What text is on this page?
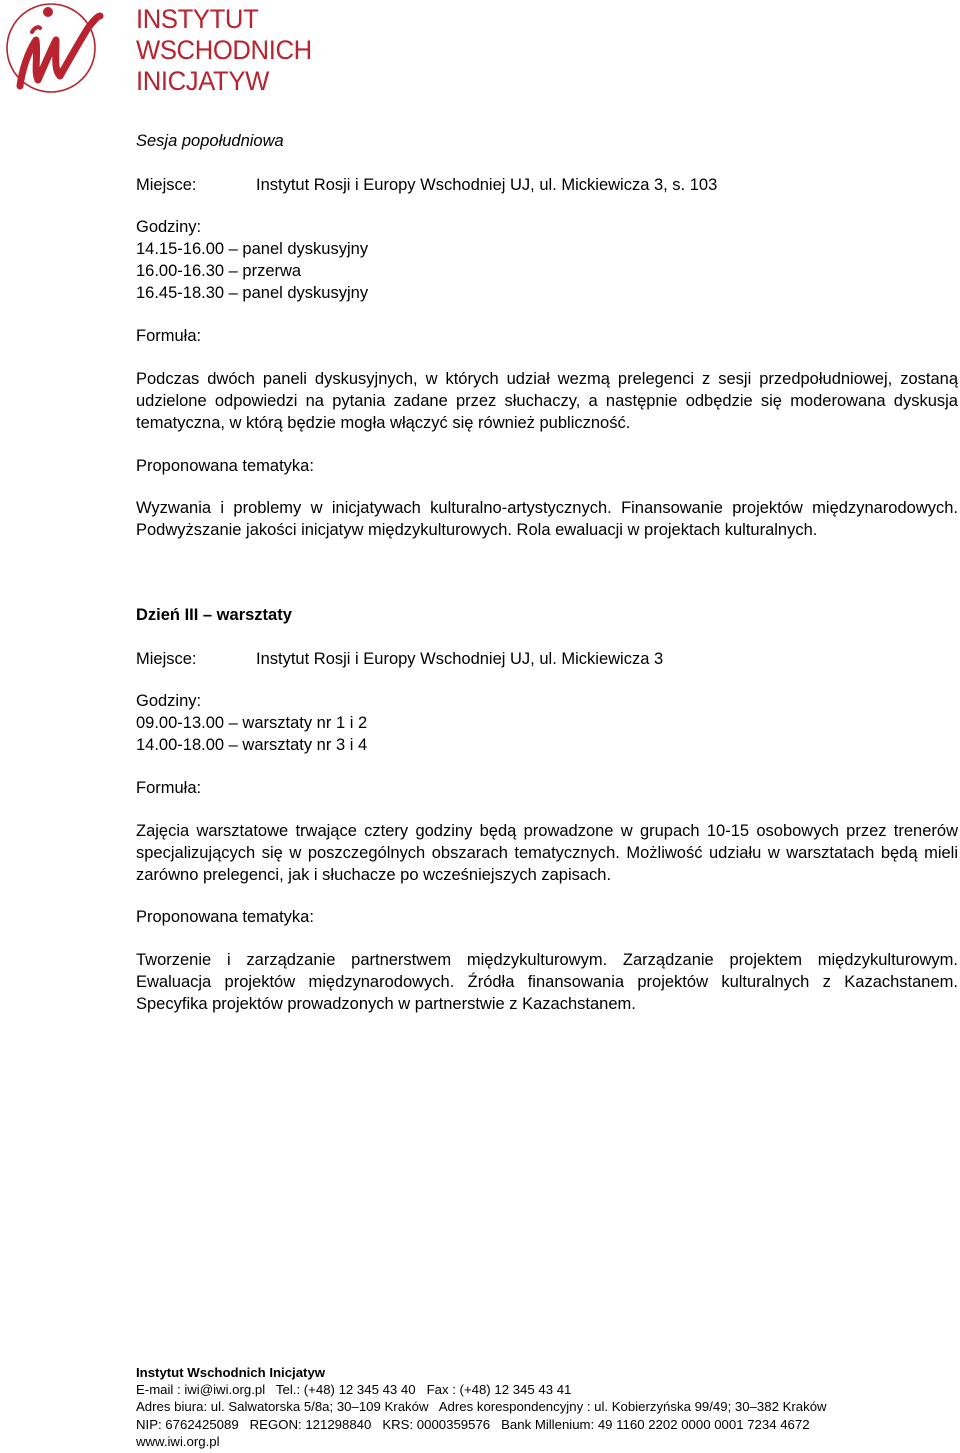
INSTYTUT
WSCHODNICH
INICJATYW
Sesja popołudniowa
Miejsce:	Instytut Rosji i Europy Wschodniej UJ, ul. Mickiewicza 3, s. 103
Godziny:
14.15-16.00 – panel dyskusyjny
16.00-16.30 – przerwa
16.45-18.30 – panel dyskusyjny
Formuła:
Podczas dwóch paneli dyskusyjnych, w których udział wezmą prelegenci z sesji przedpołudniowej, zostaną udzielone odpowiedzi na pytania zadane przez słuchaczy, a następnie odbędzie się moderowana dyskusja tematyczna, w którą będzie mogła włączyć się również publiczność.
Proponowana tematyka:
Wyzwania i problemy w inicjatywach kulturalno-artystycznych. Finansowanie projektów międzynarodowych. Podwyższanie jakości inicjatyw międzykulturowych. Rola ewaluacji w projektach kulturalnych.
Dzień III – warsztaty
Miejsce:	Instytut Rosji i Europy Wschodniej UJ, ul. Mickiewicza 3
Godziny:
09.00-13.00 – warsztaty nr 1 i 2
14.00-18.00 – warsztaty nr 3 i 4
Formuła:
Zajęcia warsztatowe trwające cztery godziny będą prowadzone w grupach 10-15 osobowych przez trenerów specjalizujących się w poszczególnych obszarach tematycznych. Możliwość udziału w warsztatach będą mieli zarówno prelegenci, jak i słuchacze po wcześniejszych zapisach.
Proponowana tematyka:
Tworzenie i zarządzanie partnerstwem międzykulturowym. Zarządzanie projektem międzykulturowym. Ewaluacja projektów międzynarodowych. Źródła finansowania projektów kulturalnych z Kazachstanem. Specyfika projektów prowadzonych w partnerstwie z Kazachstanem.
Instytut Wschodnich Inicjatyw
E-mail : iwi@iwi.org.pl   Tel.: (+48) 12 345 43 40   Fax : (+48) 12 345 43 41
Adres biura: ul. Salwatorska 5/8a; 30–109 Kraków   Adres korespondencyjny : ul. Kobierzyńska 99/49; 30–382 Kraków
NIP: 6762425089   REGON: 121298840   KRS: 0000359576   Bank Millenium: 49 1160 2202 0000 0001 7234 4672
www.iwi.org.pl
